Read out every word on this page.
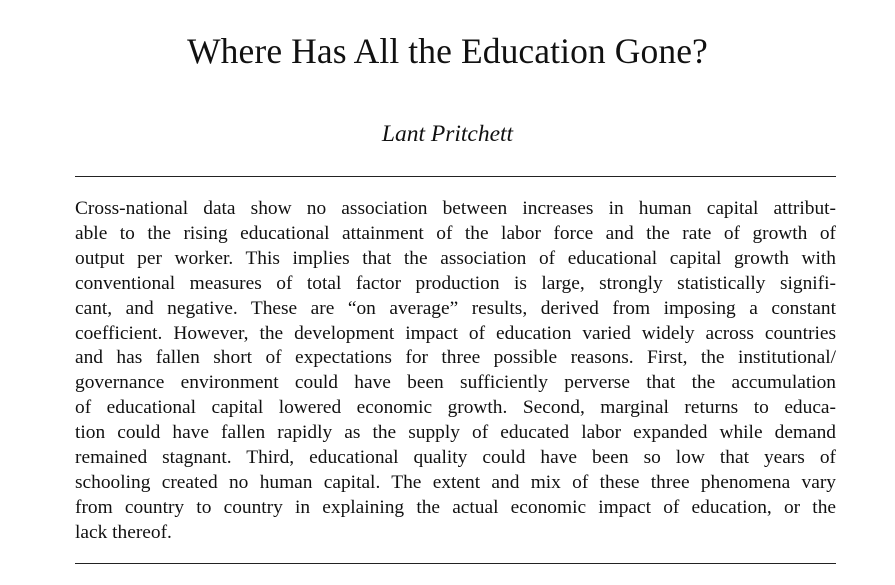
Where Has All the Education Gone?
Lant Pritchett
Cross-national data show no association between increases in human capital attribut-
able to the rising educational attainment of the labor force and the rate of growth of
output per worker. This implies that the association of educational capital growth with
conventional measures of total factor production is large, strongly statistically signifi-
cant, and negative. These are “on average” results, derived from imposing a constant
coefficient. However, the development impact of education varied widely across countries
and has fallen short of expectations for three possible reasons. First, the institutional/
governance environment could have been sufficiently perverse that the accumulation
of educational capital lowered economic growth. Second, marginal returns to educa-
tion could have fallen rapidly as the supply of educated labor expanded while demand
remained stagnant. Third, educational quality could have been so low that years of
schooling created no human capital. The extent and mix of these three phenomena vary
from country to country in explaining the actual economic impact of education, or the
lack thereof.
